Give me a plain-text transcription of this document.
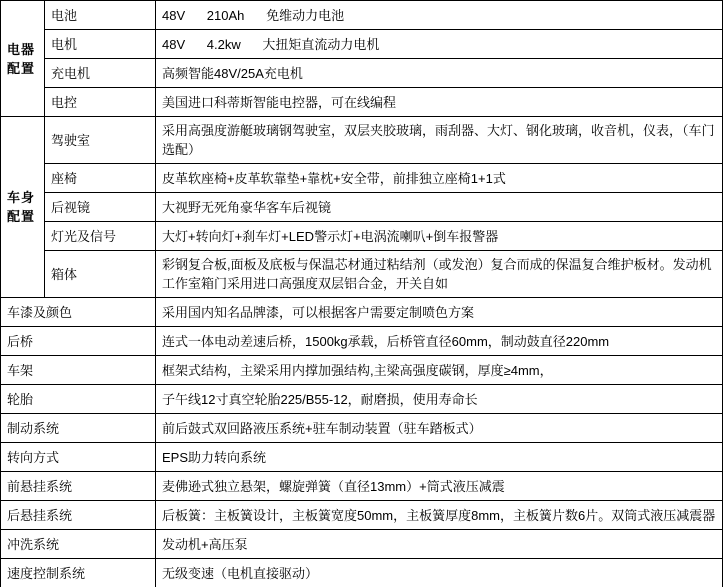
电器配置	电池	48V      210Ah      免维动力电池
	电机	48V      4.2kw      大扭矩直流动力电机
	充电机	高频智能48V/25A充电机
	电控	美国进口科蒂斯智能电控器，可在线编程
车身配置	驾驶室	采用高强度游艇玻璃钢驾驶室，双层夹胶玻璃，雨刮器、大灯、钢化玻璃，收音机，仪表，（车门选配）
	座椅	皮革软座椅+皮革软靠垫+靠枕+安全带，前排独立座椅1+1式
	后视镜	大视野无死角豪华客车后视镜
	灯光及信号	大灯+转向灯+刹车灯+LED警示灯+电涡流喇叭+倒车报警器
	箱体	彩钢复合板,面板及底板与保温芯材通过粘结剂（或发泡）复合而成的保温复合维护板材。发动机工作室箱门采用进口高强度双层铝合金，开关自如
车漆及颜色		采用国内知名品牌漆，可以根据客户需要定制喷色方案
后桥		连式一体电动差速后桥，1500kg承载，后桥管直径60mm，制动鼓直径220mm
车架		框架式结构，主梁采用内撑加强结构,主梁高强度碳钢，厚度≥4mm，
轮胎		子午线12寸真空轮胎225/B55-12，耐磨损，使用寿命长
制动系统		前后鼓式双回路液压系统+驻车制动装置（驻车踏板式）
转向方式		EPS助力转向系统
前悬挂系统		麦佛逊式独立悬架，螺旋弹簧（直径13mm）+筒式液压减震
后悬挂系统		后板簧：主板簧设计，主板簧宽度50mm，主板簧厚度8mm，主板簧片数6片。双筒式液压减震器
冲洗系统		发动机+高压泵
速度控制系统		无级变速（电机直接驱动）
